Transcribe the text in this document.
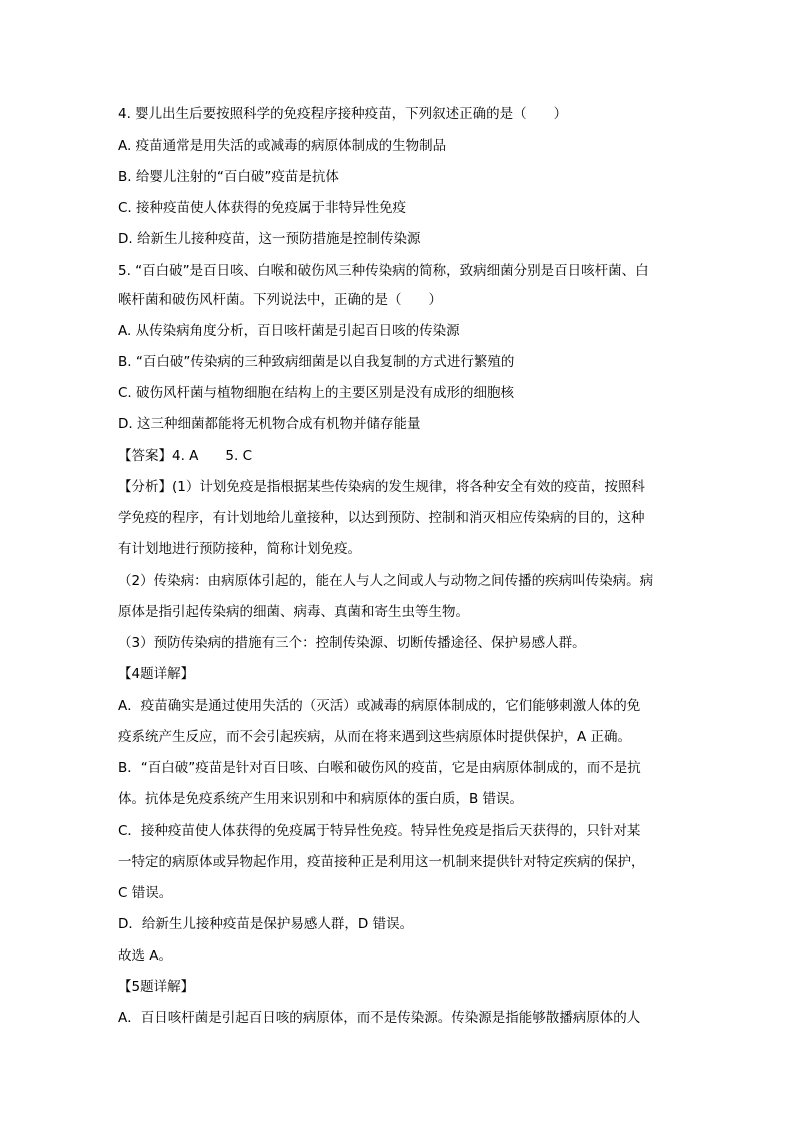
4. 婴儿出生后要按照科学的免疫程序接种疫苗，下列叙述正确的是（　　）
A. 疫苗通常是用失活的或减毒的病原体制成的生物制品
B. 给婴儿注射的“百白破”疫苗是抗体
C. 接种疫苗使人体获得的免疫属于非特异性免疫
D. 给新生儿接种疫苗，这一预防措施是控制传染源
5. “百白破”是百日咳、白喉和破伤风三种传染病的简称，致病细菌分别是百日咳杆菌、白
喉杆菌和破伤风杆菌。下列说法中，正确的是（　　）
A. 从传染病角度分析，百日咳杆菌是引起百日咳的传染源
B. “百白破”传染病的三种致病细菌是以自我复制的方式进行繁殖的
C. 破伤风杆菌与植物细胞在结构上的主要区别是没有成形的细胞核
D. 这三种细菌都能将无机物合成有机物并储存能量
【答案】4. A　　5. C
【分析】(1）计划免疫是指根据某些传染病的发生规律，将各种安全有效的疫苗，按照科
学免疫的程序，有计划地给儿童接种，以达到预防、控制和消灭相应传染病的目的，这种
有计划地进行预防接种，简称计划免疫。
（2）传染病：由病原体引起的，能在人与人之间或人与动物之间传播的疾病叫传染病。病
原体是指引起传染病的细菌、病毒、真菌和寄生虫等生物。
（3）预防传染病的措施有三个：控制传染源、切断传播途径、保护易感人群。
【4题详解】
A．疫苗确实是通过使用失活的（灭活）或减毒的病原体制成的，它们能够刺激人体的免
疫系统产生反应，而不会引起疾病，从而在将来遇到这些病原体时提供保护，A 正确。
B．“百白破”疫苗是针对百日咳、白喉和破伤风的疫苗，它是由病原体制成的，而不是抗
体。抗体是免疫系统产生用来识别和中和病原体的蛋白质，B 错误。
C．接种疫苗使人体获得的免疫属于特异性免疫。特异性免疫是指后天获得的，只针对某
一特定的病原体或异物起作用，疫苗接种正是利用这一机制来提供针对特定疾病的保护，
C 错误。
D．给新生儿接种疫苗是保护易感人群，D 错误。
故选 A。
【5题详解】
A．百日咳杆菌是引起百日咳的病原体，而不是传染源。传染源是指能够散播病原体的人
